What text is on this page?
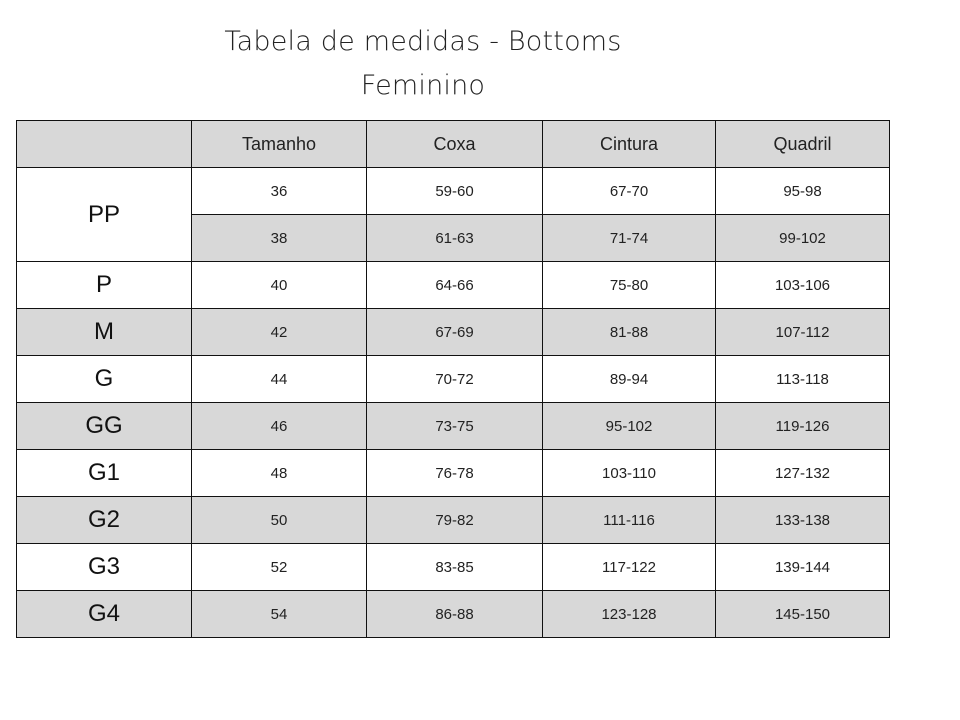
Tabela de medidas - Bottoms
Feminino
	Tamanho	Coxa	Cintura	Quadril
PP	36	59-60	67-70	95-98
	38	61-63	71-74	99-102
P	40	64-66	75-80	103-106
M	42	67-69	81-88	107-112
G	44	70-72	89-94	113-118
GG	46	73-75	95-102	119-126
G1	48	76-78	103-110	127-132
G2	50	79-82	111-116	133-138
G3	52	83-85	117-122	139-144
G4	54	86-88	123-128	145-150
